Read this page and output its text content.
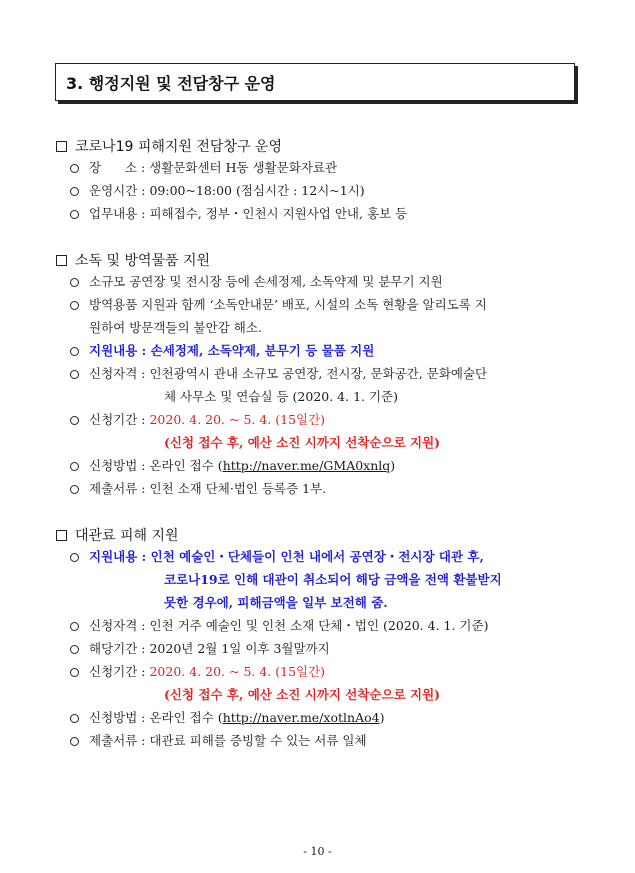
3. 행정지원 및 전담창구 운영
코로나19 피해지원 전담창구 운영
장      소 :
생활문화센터 H동 생활문화자료관
운영시간 :
09:00~18:00 (점심시간 : 12시~1시)
업무내용 :
피해접수, 정부・인천시 지원사업 안내, 홍보 등
소독 및 방역물품 지원
소규모 공연장 및 전시장 등에 손세정제, 소독약제 및 분무기 지원
방역용품 지원과 함께 ‘소독안내문’ 배포, 시설의 소독 현황을 알리도록 지
원하여 방문객들의 불안감 해소.
지원내용 :
손세정제, 소독약제, 분무기 등 물품 지원
신청자격 :
인천광역시 관내 소규모 공연장, 전시장, 문화공간, 문화예술단
체 사무소 및 연습실 등 (2020. 4. 1. 기준)
신청기간 :
2020. 4. 20. ~ 5. 4. (15일간)
(신청 접수 후, 예산 소진 시까지 선착순으로 지원)
신청방법 :
온라인 접수 ( http://naver.me/GMA0xnlq )
제출서류 :
인천 소재 단체·법인 등록증 1부.
대관료 피해 지원
지원내용 :
인천 예술인・단체들이 인천 내에서 공연장・전시장 대관 후,
코로나19로 인해 대관이 취소되어 해당 금액을 전액 환불받지
못한 경우에, 피해금액을 일부 보전해 줌.
신청자격 :
인천 거주 예술인 및 인천 소재 단체・법인 (2020. 4. 1. 기준)
해당기간 :
2020년 2월 1일 이후 3월말까지
신청기간 :
2020. 4. 20. ~ 5. 4. (15일간)
(신청 접수 후, 예산 소진 시까지 선착순으로 지원)
신청방법 :
온라인 접수 ( http://naver.me/xotlnAo4 )
제출서류 :
대관료 피해를 증빙할 수 있는 서류 일체
- 10 -
